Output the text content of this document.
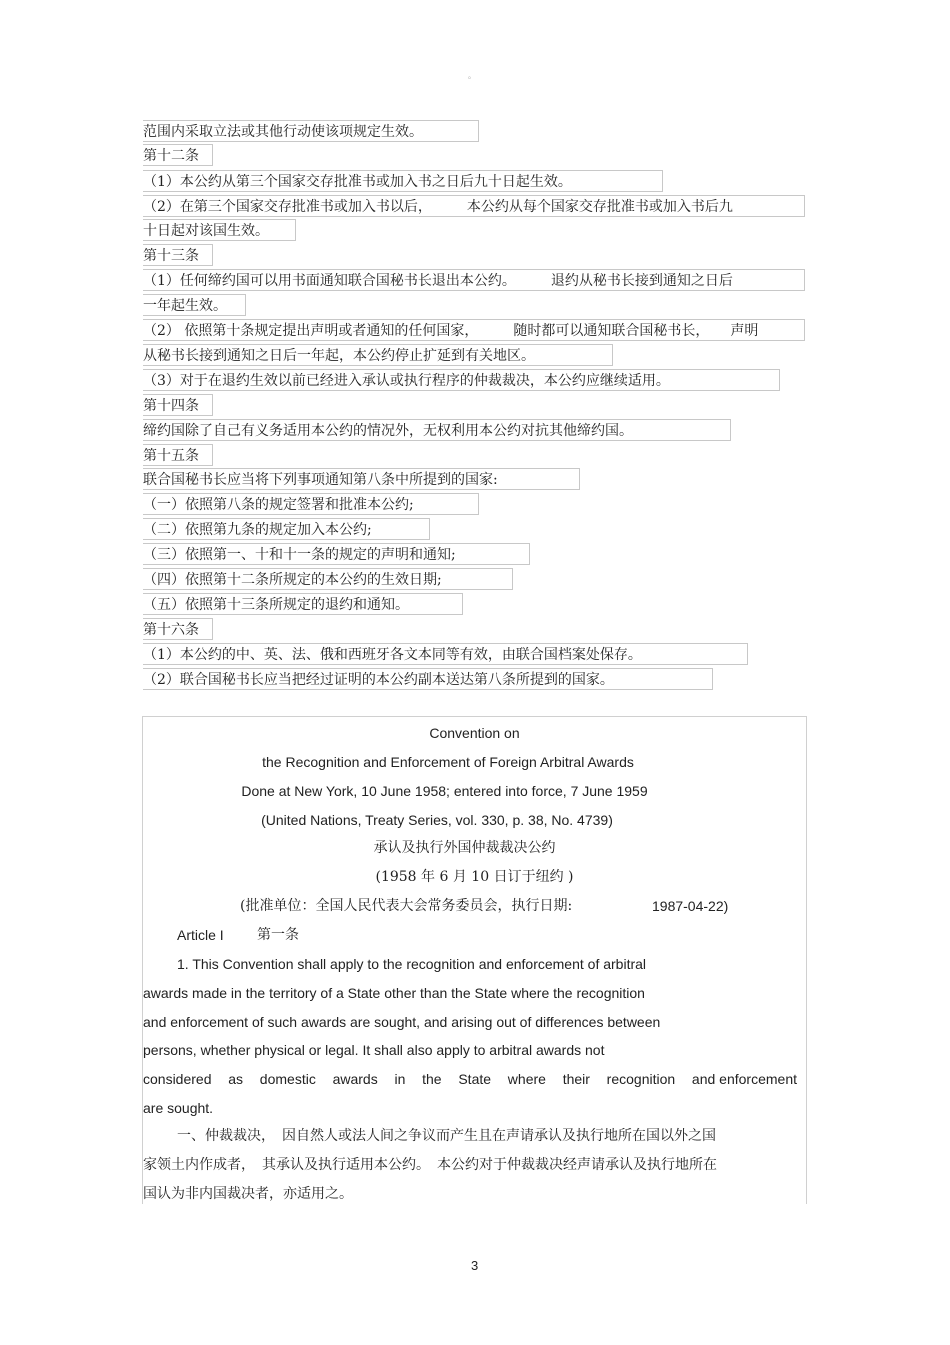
。
范围内采取立法或其他行动使该项规定生效。
第十二条
（1）本公约从第三个国家交存批准书或加入书之日后九十日起生效。
（2）在第三个国家交存批准书或加入书以后，　　　本公约从每个国家交存批准书或加入书后九
十日起对该国生效。
第十三条
（1）任何缔约国可以用书面通知联合国秘书长退出本公约。　　　退约从秘书长接到通知之日后
一年起生效。
（2） 依照第十条规定提出声明或者通知的任何国家，　　　随时都可以通知联合国秘书长，　　声明
从秘书长接到通知之日后一年起，本公约停止扩延到有关地区。
（3）对于在退约生效以前已经进入承认或执行程序的仲裁裁决，本公约应继续适用。
第十四条
缔约国除了自己有义务适用本公约的情况外，无权利用本公约对抗其他缔约国。
第十五条
联合国秘书长应当将下列事项通知第八条中所提到的国家:
（一）依照第八条的规定签署和批准本公约;
（二）依照第九条的规定加入本公约;
（三）依照第一、十和十一条的规定的声明和通知;
（四）依照第十二条所规定的本公约的生效日期;
（五）依照第十三条所规定的退约和通知。
第十六条
（1）本公约的中、英、法、俄和西班牙各文本同等有效，由联合国档案处保存。
（2）联合国秘书长应当把经过证明的本公约副本送达第八条所提到的国家。
Convention on
the Recognition and Enforcement of Foreign Arbitral Awards
Done at New York, 10 June 1958; entered into force, 7 June 1959
(United Nations, Treaty Series, vol. 330, p. 38, No. 4739)
承认及执行外国仲裁裁决公约
(1958 年 6 月 10 日订于纽约 )
(批准单位：全国人民代表大会常务委员会，执行日期:	1987-04-22)
Article I 第一条
1. This Convention shall apply to the recognition and enforcement of arbitral
awards made in the territory of a State other than the State where the recognition
and enforcement of such awards are sought, and arising out of differences between
persons, whether physical or legal. It shall also apply to arbitral awards not
considered as domestic awards in the State where their recognition and enforcement
are sought.
一、仲裁裁决，　因自然人或法人间之争议而产生且在声请承认及执行地所在国以外之国
家领土内作成者，　其承认及执行适用本公约。　本公约对于仲裁裁决经声请承认及执行地所在
国认为非内国裁决者，亦适用之。
3
